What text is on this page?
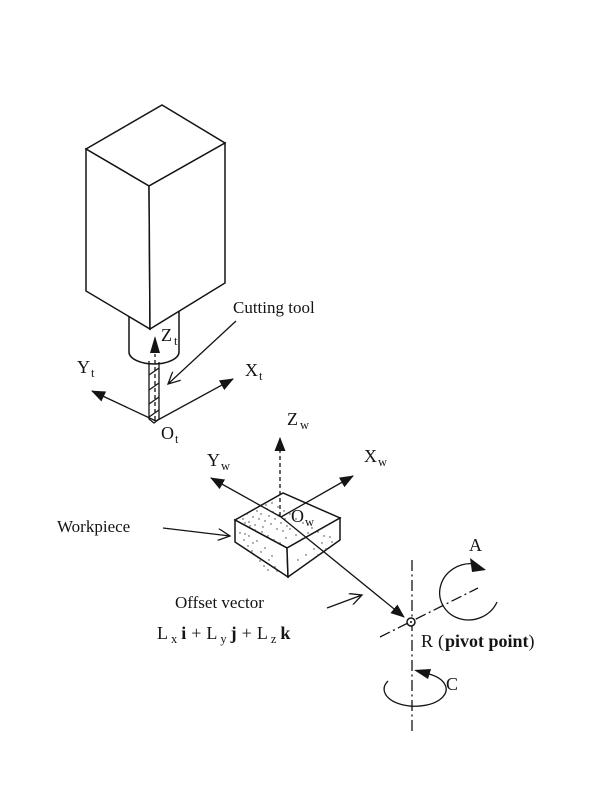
Z $_t$
$Y_t$	$X_t$
$O_t$
Cutting tool
Z $_w$
$Y_w$	$X_w$
$O_w$
Workpiece
Offset vector
L $_x$ i + L $_y$ j + L $_z$ k	R (pivot point)
A
C
